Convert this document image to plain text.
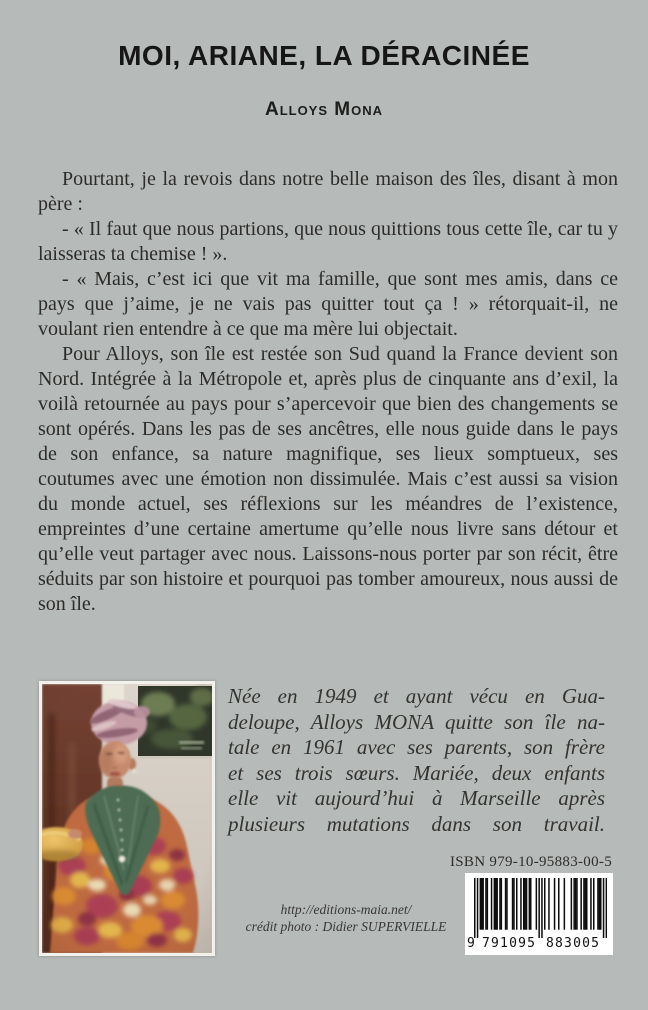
MOI, ARIANE, LA DÉRACINÉE
Alloys Mona

Pourtant, je la revois dans notre belle maison des îles, disant à mon père :

- « Il faut que nous partions, que nous quittions tous cette île, car tu y laisseras ta chemise ! ».

- « Mais, c’est ici que vit ma famille, que sont mes amis, dans ce pays que j’aime, je ne vais pas quitter tout ça ! » rétorquait-il, ne voulant rien entendre à ce que ma mère lui objectait.

Pour Alloys, son île est restée son Sud quand la France devient son Nord. Intégrée à la Métropole et, après plus de cinquante ans d’exil, la voilà retournée au pays pour s’apercevoir que bien des changements se sont opérés. Dans les pas de ses ancêtres, elle nous guide dans le pays de son enfance, sa nature magnifique, ses lieux somptueux, ses coutumes avec une émotion non dissimulée. Mais c’est aussi sa vision du monde actuel, ses réflexions sur les méandres de l’existence, empreintes d’une certaine amertume qu’elle nous livre sans détour et qu’elle veut partager avec nous. Laissons-nous porter par son récit, être séduits par son histoire et pourquoi pas tomber amoureux, nous aussi de son île.

Née en 1949 et ayant vécu en Gua-
deloupe, Alloys MONA quitte son île na-
tale en 1961 avec ses parents, son frère
et ses trois sœurs. Mariée, deux enfants
elle vit aujourd’hui à Marseille après
plusieurs mutations dans son travail.
ISBN 979-10-95883-00-5
9 791095 883005
http://editions-maia.net/
crédit photo : Didier SUPERVIELLE
